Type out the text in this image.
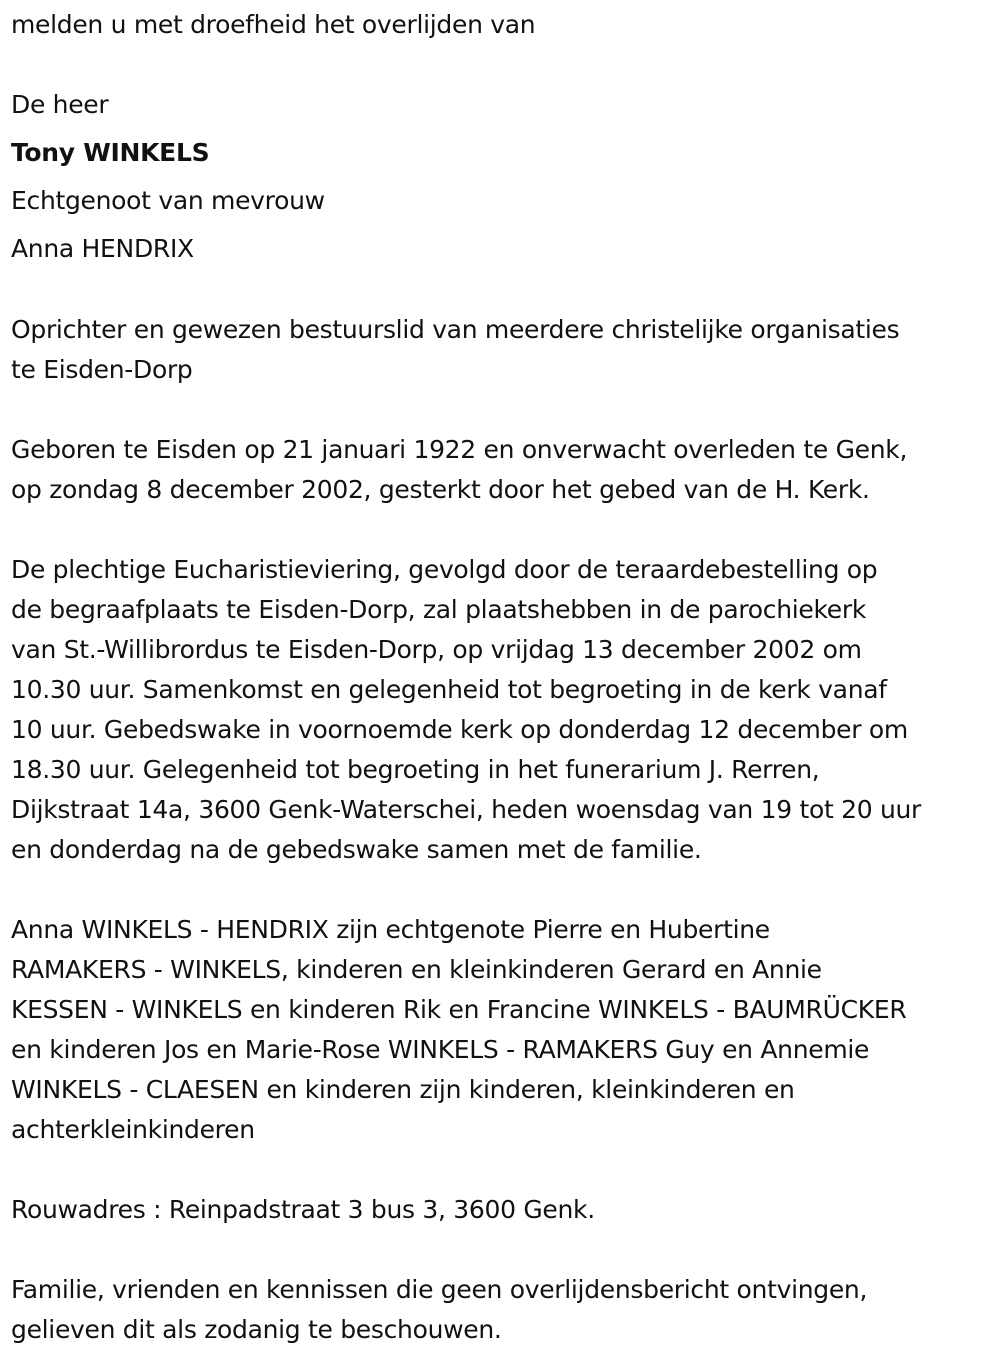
melden u met droefheid het overlijden van
De heer
Tony WINKELS
Echtgenoot van mevrouw
Anna HENDRIX
Oprichter en gewezen bestuurslid van meerdere christelijke organisaties
te Eisden-Dorp
Geboren te Eisden op 21 januari 1922 en onverwacht overleden te Genk,
op zondag 8 december 2002, gesterkt door het gebed van de H. Kerk.
De plechtige Eucharistieviering, gevolgd door de teraardebestelling op
de begraafplaats te Eisden-Dorp, zal plaatshebben in de parochiekerk
van St.-Willibrordus te Eisden-Dorp, op vrijdag 13 december 2002 om
10.30 uur. Samenkomst en gelegenheid tot begroeting in de kerk vanaf
10 uur. Gebedswake in voornoemde kerk op donderdag 12 december om
18.30 uur. Gelegenheid tot begroeting in het funerarium J. Rerren,
Dijkstraat 14a, 3600 Genk-Waterschei, heden woensdag van 19 tot 20 uur
en donderdag na de gebedswake samen met de familie.
Anna WINKELS - HENDRIX zijn echtgenote Pierre en Hubertine
RAMAKERS - WINKELS, kinderen en kleinkinderen Gerard en Annie
KESSEN - WINKELS en kinderen Rik en Francine WINKELS - BAUMRÜCKER
en kinderen Jos en Marie-Rose WINKELS - RAMAKERS Guy en Annemie
WINKELS - CLAESEN en kinderen zijn kinderen, kleinkinderen en
achterkleinkinderen
Rouwadres : Reinpadstraat 3 bus 3, 3600 Genk.
Familie, vrienden en kennissen die geen overlijdensbericht ontvingen,
gelieven dit als zodanig te beschouwen.
